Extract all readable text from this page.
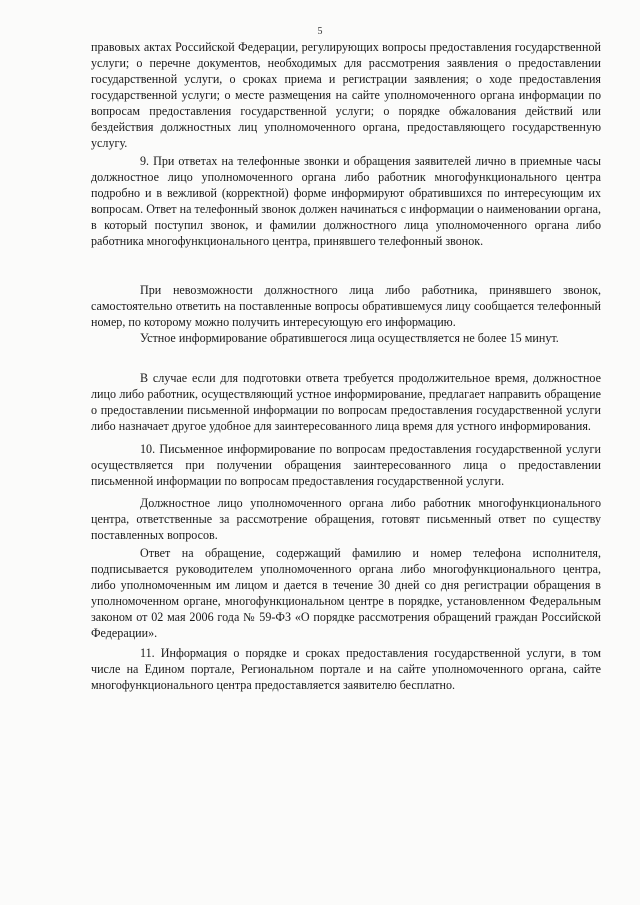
5

правовых актах Российской Федерации, регулирующих вопросы предоставления государственной услуги; о перечне документов, необходимых для рассмотрения заявления о предоставлении государственной услуги, о сроках приема и регистрации заявления; о ходе предоставления государственной услуги; о месте размещения на сайте уполномоченного органа информации по вопросам предоставления государственной услуги; о порядке обжалования действий или бездействия должностных лиц уполномоченного органа, предоставляющего государственную услугу.

9. При ответах на телефонные звонки и обращения заявителей лично в приемные часы должностное лицо уполномоченного органа либо работник многофункционального центра подробно и в вежливой (корректной) форме информируют обратившихся по интересующим их вопросам. Ответ на телефонный звонок должен начинаться с информации о наименовании органа, в который поступил звонок, и фамилии должностного лица уполномоченного органа либо работника многофункционального центра, принявшего телефонный звонок.

При невозможности должностного лица либо работника, принявшего звонок, самостоятельно ответить на поставленные вопросы обратившемуся лицу сообщается телефонный номер, по которому можно получить интересующую его информацию.

Устное информирование обратившегося лица осуществляется не более 15 минут.

В случае если для подготовки ответа требуется продолжительное время, должностное лицо либо работник, осуществляющий устное информирование, предлагает направить обращение о предоставлении письменной информации по вопросам предоставления государственной услуги либо назначает другое удобное для заинтересованного лица время для устного информирования.

10. Письменное информирование по вопросам предоставления государственной услуги осуществляется при получении обращения заинтересованного лица о предоставлении письменной информации по вопросам предоставления государственной услуги.

Должностное лицо уполномоченного органа либо работник многофункционального центра, ответственные за рассмотрение обращения, готовят письменный ответ по существу поставленных вопросов.

Ответ на обращение, содержащий фамилию и номер телефона исполнителя, подписывается руководителем уполномоченного органа либо многофункционального центра, либо уполномоченным им лицом и дается в течение 30 дней со дня регистрации обращения в уполномоченном органе, многофункциональном центре в порядке, установленном Федеральным законом от 02 мая 2006 года № 59-ФЗ «О порядке рассмотрения обращений граждан Российской Федерации».

11. Информация о порядке и сроках предоставления государственной услуги, в том числе на Едином портале, Региональном портале и на сайте уполномоченного органа, сайте многофункционального центра предоставляется заявителю бесплатно.
